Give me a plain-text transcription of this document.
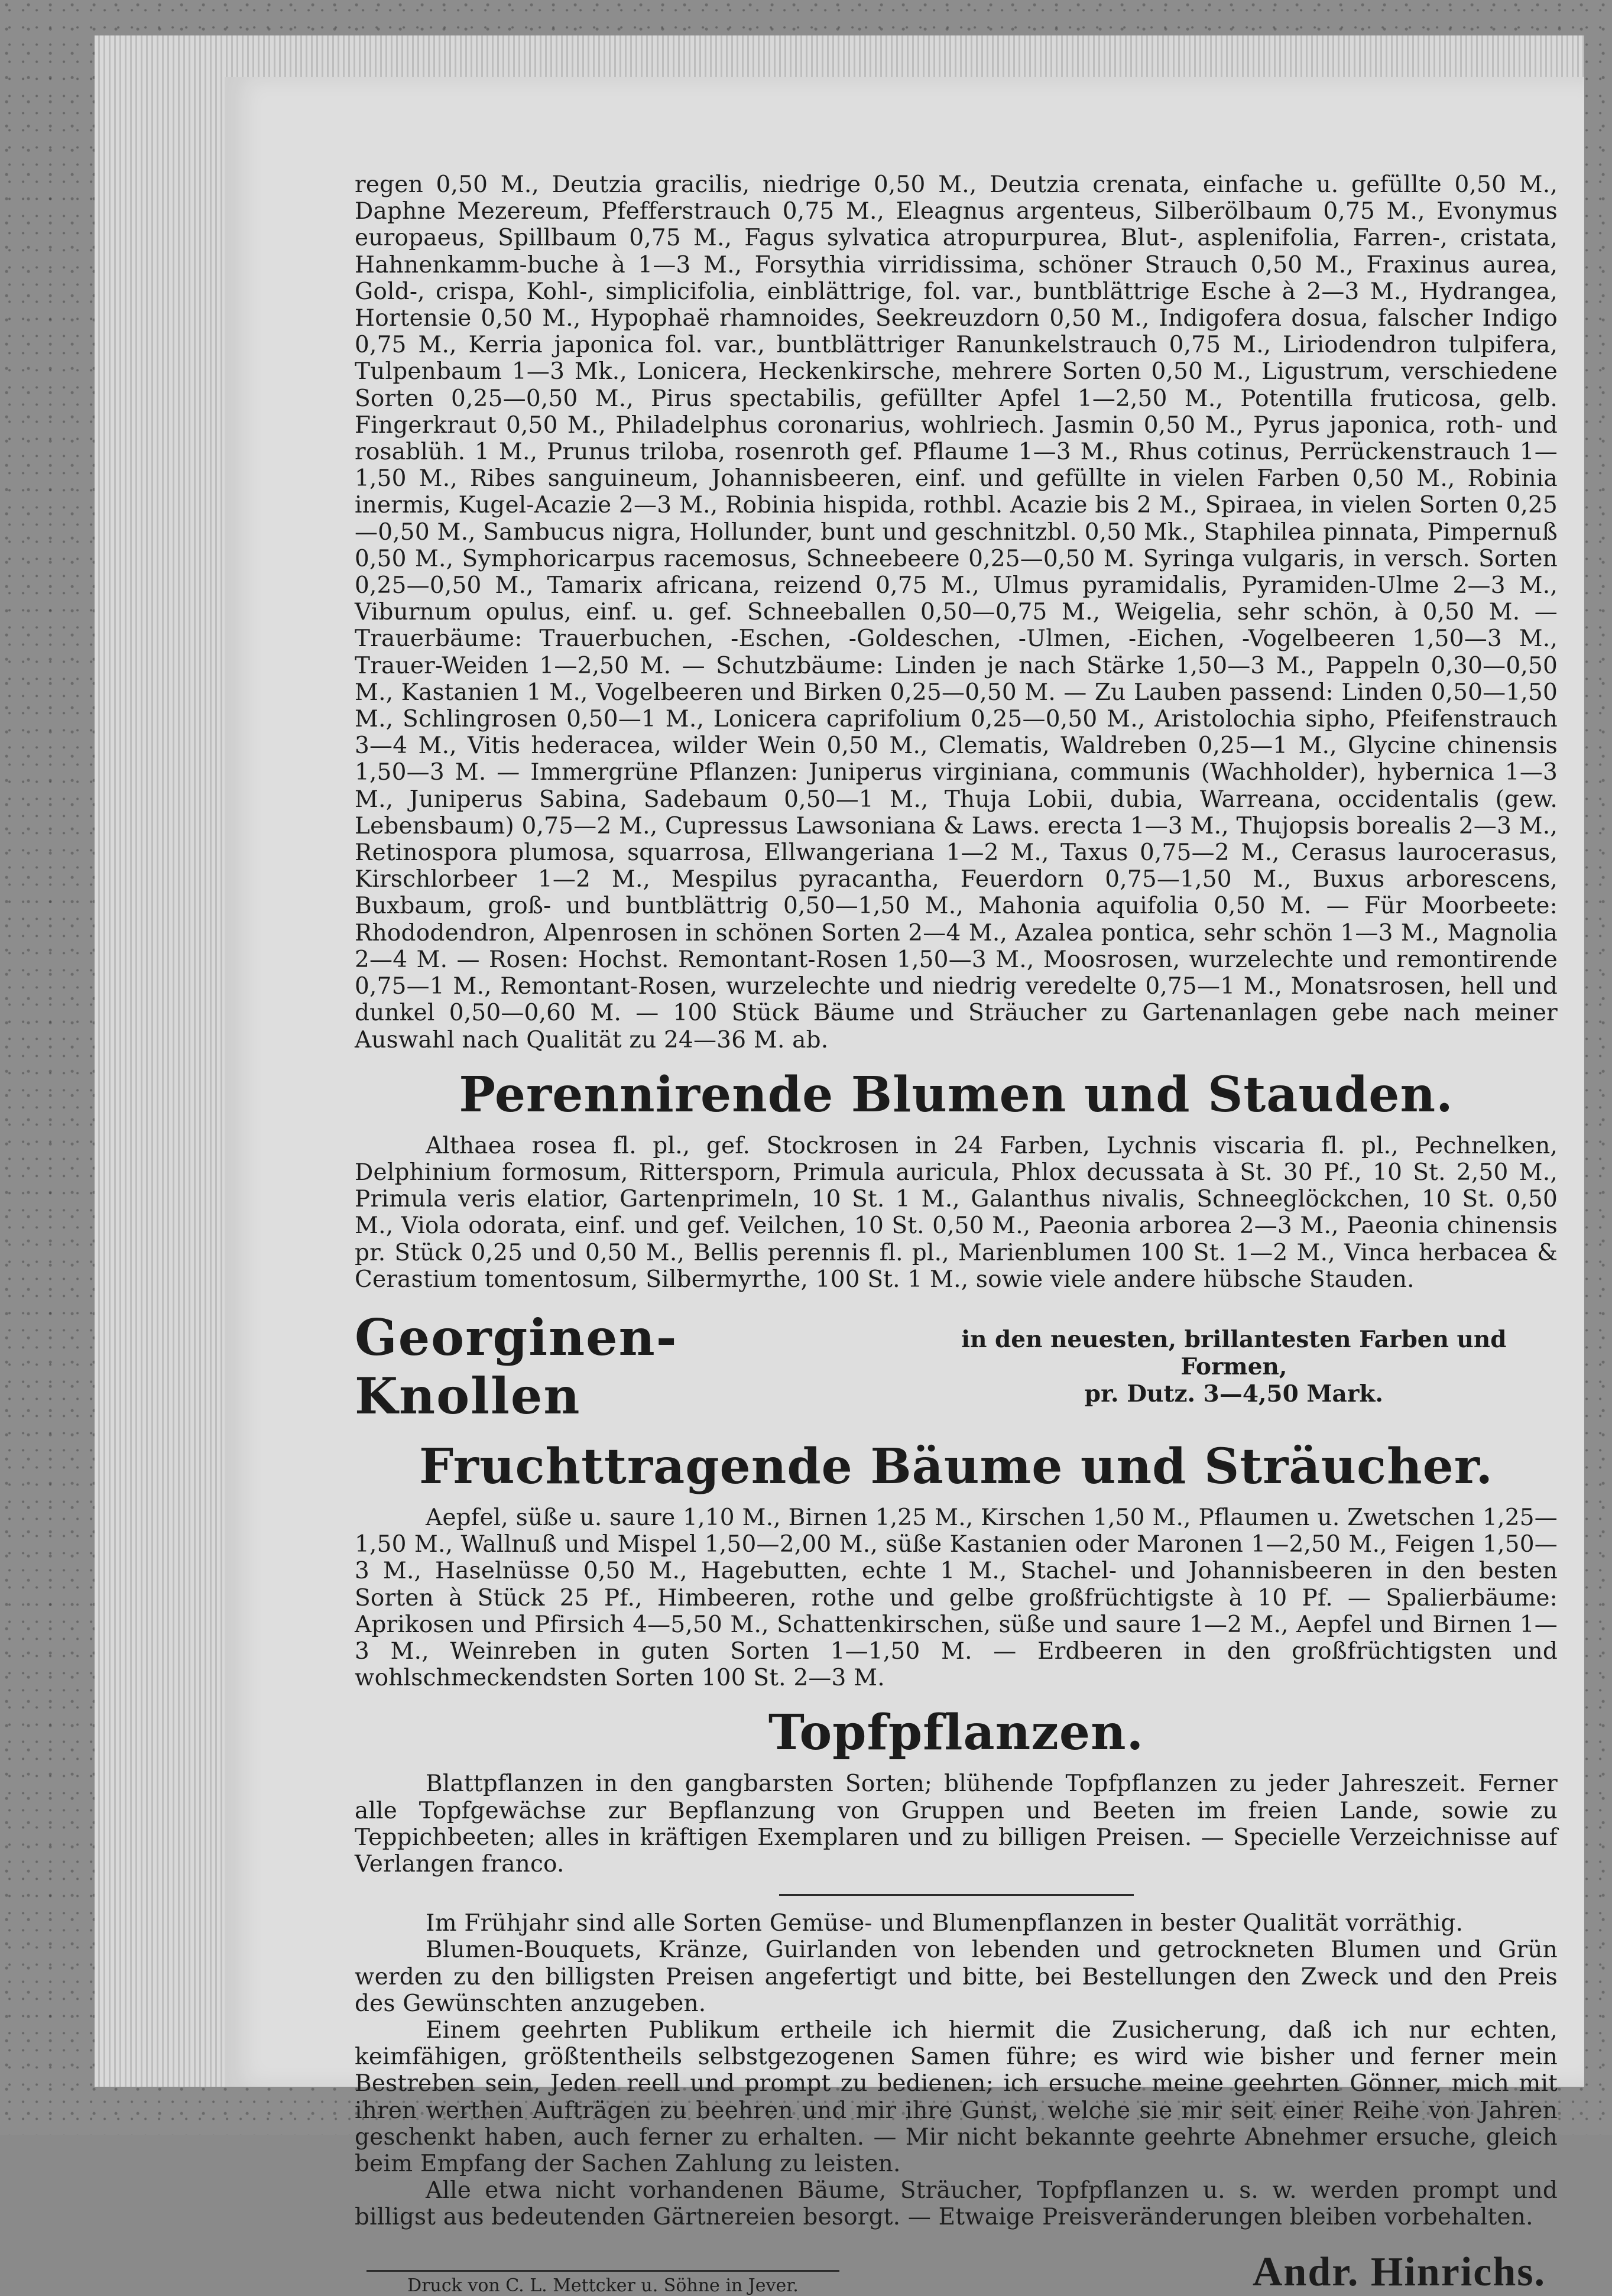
regen 0,50 M., Deutzia gracilis, niedrige 0,50 M., Deutzia crenata, einfache u. gefüllte 0,50 M., Daphne Mezereum, Pfefferstrauch 0,75 M., Eleagnus argenteus, Silberölbaum 0,75 M., Evonymus europaeus, Spillbaum 0,75 M., Fagus sylvatica atropurpurea, Blut-, asplenifolia, Farren-, cristata, Hahnenkamm-buche à 1—3 M., Forsythia virridissima, schöner Strauch 0,50 M., Fraxinus aurea, Gold-, crispa, Kohl-, simplicifolia, einblättrige, fol. var., buntblättrige Esche à 2—3 M., Hydrangea, Hortensie 0,50 M., Hypophaë rhamnoides, Seekreuzdorn 0,50 M., Indigofera dosua, falscher Indigo 0,75 M., Kerria japonica fol. var., buntblättriger Ranunkelstrauch 0,75 M., Liriodendron tulpifera, Tulpenbaum 1—3 Mk., Lonicera, Heckenkirsche, mehrere Sorten 0,50 M., Ligustrum, verschiedene Sorten 0,25—0,50 M., Pirus spectabilis, gefüllter Apfel 1—2,50 M., Potentilla fruticosa, gelb. Fingerkraut 0,50 M., Philadelphus coronarius, wohlriech. Jasmin 0,50 M., Pyrus japonica, roth- und rosablüh. 1 M., Prunus triloba, rosenroth gef. Pflaume 1—3 M., Rhus cotinus, Perrückenstrauch 1—1,50 M., Ribes sanguineum, Johannisbeeren, einf. und gefüllte in vielen Farben 0,50 M., Robinia inermis, Kugel-Acazie 2—3 M., Robinia hispida, rothbl. Acazie bis 2 M., Spiraea, in vielen Sorten 0,25—0,50 M., Sambucus nigra, Hollunder, bunt und geschnitzbl. 0,50 Mk., Staphilea pinnata, Pimpernuß 0,50 M., Symphoricarpus racemosus, Schneebeere 0,25—0,50 M. Syringa vulgaris, in versch. Sorten 0,25—0,50 M., Tamarix africana, reizend 0,75 M., Ulmus pyramidalis, Pyramiden-Ulme 2—3 M., Viburnum opulus, einf. u. gef. Schneeballen 0,50—0,75 M., Weigelia, sehr schön, à 0,50 M. — Trauerbäume: Trauerbuchen, -Eschen, -Goldeschen, -Ulmen, -Eichen, -Vogelbeeren 1,50—3 M., Trauer-Weiden 1—2,50 M. — Schutzbäume: Linden je nach Stärke 1,50—3 M., Pappeln 0,30—0,50 M., Kastanien 1 M., Vogelbeeren und Birken 0,25—0,50 M. — Zu Lauben passend: Linden 0,50—1,50 M., Schlingrosen 0,50—1 M., Lonicera caprifolium 0,25—0,50 M., Aristolochia sipho, Pfeifenstrauch 3—4 M., Vitis hederacea, wilder Wein 0,50 M., Clematis, Waldreben 0,25—1 M., Glycine chinensis 1,50—3 M. — Immergrüne Pflanzen: Juniperus virginiana, communis (Wachholder), hybernica 1—3 M., Juniperus Sabina, Sadebaum 0,50—1 M., Thuja Lobii, dubia, Warreana, occidentalis (gew. Lebensbaum) 0,75—2 M., Cupressus Lawsoniana & Laws. erecta 1—3 M., Thujopsis borealis 2—3 M., Retinospora plumosa, squarrosa, Ellwangeriana 1—2 M., Taxus 0,75—2 M., Cerasus laurocerasus, Kirschlorbeer 1—2 M., Mespilus pyracantha, Feuerdorn 0,75—1,50 M., Buxus arborescens, Buxbaum, groß- und buntblättrig 0,50—1,50 M., Mahonia aquifolia 0,50 M. — Für Moorbeete: Rhododendron, Alpenrosen in schönen Sorten 2—4 M., Azalea pontica, sehr schön 1—3 M., Magnolia 2—4 M. — Rosen: Hochst. Remontant-Rosen 1,50—3 M., Moosrosen, wurzelechte und remontirende 0,75—1 M., Remontant-Rosen, wurzelechte und niedrig veredelte 0,75—1 M., Monatsrosen, hell und dunkel 0,50—0,60 M. — 100 Stück Bäume und Sträucher zu Gartenanlagen gebe nach meiner Auswahl nach Qualität zu 24—36 M. ab.

Perennirende Blumen und Stauden.

Althaea rosea fl. pl., gef. Stockrosen in 24 Farben, Lychnis viscaria fl. pl., Pechnelken, Delphinium formosum, Rittersporn, Primula auricula, Phlox decussata à St. 30 Pf., 10 St. 2,50 M., Primula veris elatior, Gartenprimeln, 10 St. 1 M., Galanthus nivalis, Schneeglöckchen, 10 St. 0,50 M., Viola odorata, einf. und gef. Veilchen, 10 St. 0,50 M., Paeonia arborea 2—3 M., Paeonia chinensis pr. Stück 0,25 und 0,50 M., Bellis perennis fl. pl., Marienblumen 100 St. 1—2 M., Vinca herbacea & Cerastium tomentosum, Silbermyrthe, 100 St. 1 M., sowie viele andere hübsche Stauden.

Georginen-Knollen
in den neuesten, brillantesten Farben und Formen,
pr. Dutz. 3—4,50 Mark.
Fruchttragende Bäume und Sträucher.

Aepfel, süße u. saure 1,10 M., Birnen 1,25 M., Kirschen 1,50 M., Pflaumen u. Zwetschen 1,25—1,50 M., Wallnuß und Mispel 1,50—2,00 M., süße Kastanien oder Maronen 1—2,50 M., Feigen 1,50—3 M., Haselnüsse 0,50 M., Hagebutten, echte 1 M., Stachel- und Johannisbeeren in den besten Sorten à Stück 25 Pf., Himbeeren, rothe und gelbe großfrüchtigste à 10 Pf. — Spalierbäume: Aprikosen und Pfirsich 4—5,50 M., Schattenkirschen, süße und saure 1—2 M., Aepfel und Birnen 1—3 M., Weinreben in guten Sorten 1—1,50 M. — Erdbeeren in den großfrüchtigsten und wohlschmeckendsten Sorten 100 St. 2—3 M.

Topfpflanzen.

Blattpflanzen in den gangbarsten Sorten; blühende Topfpflanzen zu jeder Jahreszeit. Ferner alle Topfgewächse zur Bepflanzung von Gruppen und Beeten im freien Lande, sowie zu Teppichbeeten; alles in kräftigen Exemplaren und zu billigen Preisen. — Specielle Verzeichnisse auf Verlangen franco.

Im Frühjahr sind alle Sorten Gemüse- und Blumenpflanzen in bester Qualität vorräthig.

Blumen-Bouquets, Kränze, Guirlanden von lebenden und getrockneten Blumen und Grün werden zu den billigsten Preisen angefertigt und bitte, bei Bestellungen den Zweck und den Preis des Gewünschten anzugeben.

Einem geehrten Publikum ertheile ich hiermit die Zusicherung, daß ich nur echten, keimfähigen, größtentheils selbstgezogenen Samen führe; es wird wie bisher und ferner mein Bestreben sein, Jeden reell und prompt zu bedienen; ich ersuche meine geehrten Gönner, mich mit ihren werthen Aufträgen zu beehren und mir ihre Gunst, welche sie mir seit einer Reihe von Jahren geschenkt haben, auch ferner zu erhalten. — Mir nicht bekannte geehrte Abnehmer ersuche, gleich beim Empfang der Sachen Zahlung zu leisten.

Alle etwa nicht vorhandenen Bäume, Sträucher, Topfpflanzen u. s. w. werden prompt und billigst aus bedeutenden Gärtnereien besorgt. — Etwaige Preisveränderungen bleiben vorbehalten.

Druck von C. L. Mettcker u. Söhne in Jever.	Andr. Hinrichs.
